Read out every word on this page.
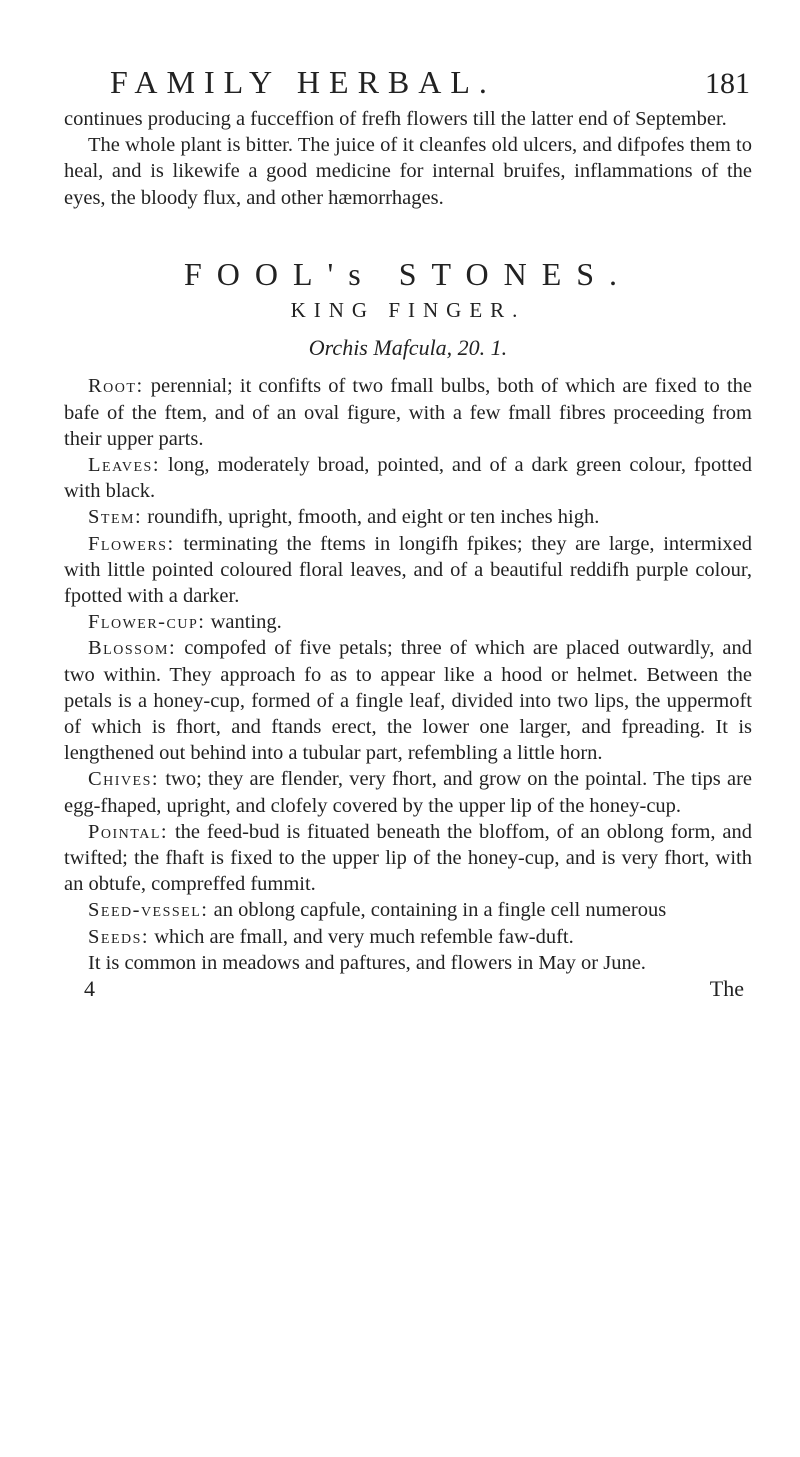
FAMILY HERBAL.	181

continues producing a fucceffion of frefh flowers till the latter end of September.

The whole plant is bitter. The juice of it cleanfes old ulcers, and difpofes them to heal, and is likewife a good medicine for internal bruifes, inflammations of the eyes, the bloody flux, and other hæmorrhages.

FOOL's STONES.
KING FINGER.
Orchis Mafcula, 20. 1.

Root: perennial; it confifts of two fmall bulbs, both of which are fixed to the bafe of the ftem, and of an oval figure, with a few fmall fibres proceeding from their upper parts.

Leaves: long, moderately broad, pointed, and of a dark green colour, fpotted with black.

Stem: roundifh, upright, fmooth, and eight or ten inches high.

Flowers: terminating the ftems in longifh fpikes; they are large, intermixed with little pointed coloured floral leaves, and of a beautiful reddifh purple colour, fpotted with a darker.

Flower-cup: wanting.

Blossom: compofed of five petals; three of which are placed outwardly, and two within. They approach fo as to appear like a hood or helmet. Between the petals is a honey-cup, formed of a fingle leaf, divided into two lips, the uppermoft of which is fhort, and ftands erect, the lower one larger, and fpreading. It is lengthened out behind into a tubular part, refembling a little horn.

Chives: two; they are flender, very fhort, and grow on the pointal. The tips are egg-fhaped, upright, and clofely covered by the upper lip of the honey-cup.

Pointal: the feed-bud is fituated beneath the bloffom, of an oblong form, and twifted; the fhaft is fixed to the upper lip of the honey-cup, and is very fhort, with an obtufe, compreffed fummit.

Seed-vessel: an oblong capfule, containing in a fingle cell numerous

Seeds: which are fmall, and very much refemble faw-duft.

It is common in meadows and paftures, and flowers in May or June.

4	The
